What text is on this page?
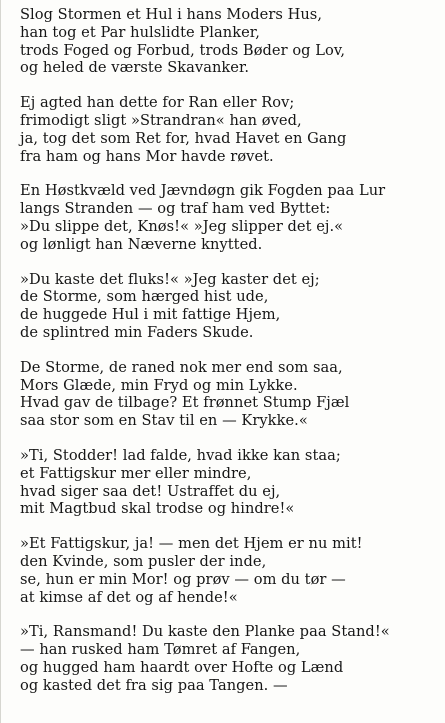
Slog Stormen et Hul i hans Moders Hus,
han tog et Par hulslidte Planker,
trods Foged og Forbud, trods Bøder og Lov,
og heled de værste Skavanker.
Ej agted han dette for Ran eller Rov;
frimodigt sligt »Strandran« han øved,
ja, tog det som Ret for, hvad Havet en Gang
fra ham og hans Mor havde røvet.
En Høstkvæld ved Jævndøgn gik Fogden paa Lur
langs Stranden — og traf ham ved Byttet:
»Du slippe det, Knøs!« »Jeg slipper det ej.«
og lønligt han Næverne knytted.
»Du kaste det fluks!« »Jeg kaster det ej;
de Storme, som hærged hist ude,
de huggede Hul i mit fattige Hjem,
de splintred min Faders Skude.
De Storme, de raned nok mer end som saa,
Mors Glæde, min Fryd og min Lykke.
Hvad gav de tilbage? Et frønnet Stump Fjæl
saa stor som en Stav til en — Krykke.«
»Ti, Stodder! lad falde, hvad ikke kan staa;
et Fattigskur mer eller mindre,
hvad siger saa det! Ustraffet du ej,
mit Magtbud skal trodse og hindre!«
»Et Fattigskur, ja! — men det Hjem er nu mit!
den Kvinde, som pusler der inde,
se, hun er min Mor! og prøv — om du tør —
at kimse af det og af hende!«
»Ti, Ransmand! Du kaste den Planke paa Stand!«
— han rusked ham Tømret af Fangen,
og hugged ham haardt over Hofte og Lænd
og kasted det fra sig paa Tangen. —
